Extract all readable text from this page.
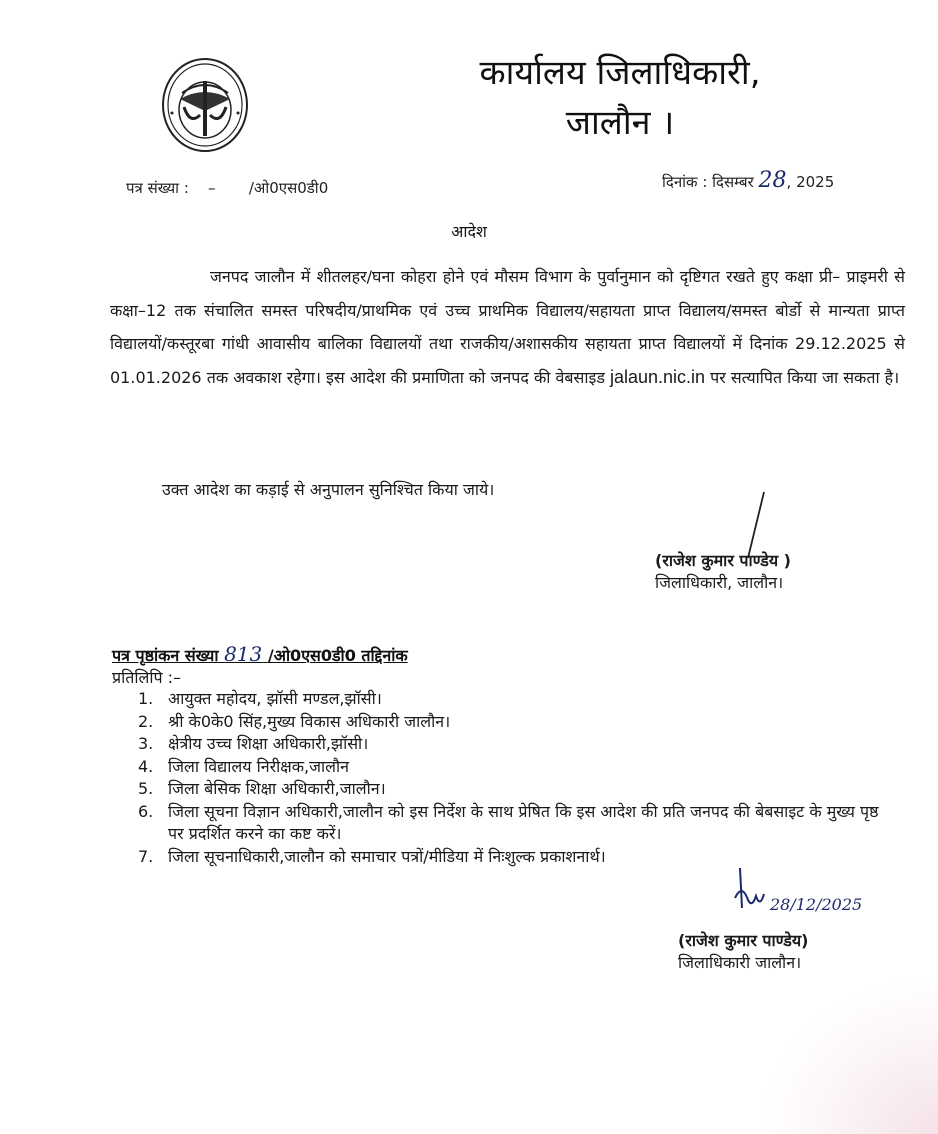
कार्यालय जिलाधिकारी,
जालौन ।
पत्र संख्या : – /ओ0एस0डी0	दिनांक : दिसम्बर 28, 2025
आदेश

जनपद जालौन में शीतलहर/घना कोहरा होने एवं मौसम विभाग के पुर्वानुमान को दृष्टिगत रखते हुए कक्षा प्री– प्राइमरी से कक्षा–12 तक संचालित समस्त परिषदीय/प्राथमिक एवं उच्च प्राथमिक विद्यालय/सहायता प्राप्त विद्यालय/समस्त बोर्डो से मान्यता प्राप्त विद्यालयों/कस्तूरबा गांधी आवासीय बालिका विद्यालयों तथा राजकीय/अशासकीय सहायता प्राप्त विद्यालयों में दिनांक 29.12.2025 से 01.01.2026 तक अवकाश रहेगा। इस आदेश की प्रमाणिता को जनपद की वेबसाइड jalaun.nic.in पर सत्यापित किया जा सकता है।

उक्त आदेश का कड़ाई से अनुपालन सुनिश्चित किया जाये।
(राजेश कुमार पाण्डेय )
जिलाधिकारी, जालौन।
पत्र पृष्ठांकन संख्या 813 /ओ0एस0डी0 तद्दिनांक
प्रतिलिपि :–
1. आयुक्त महोदय, झॉसी मण्डल,झॉसी।
2. श्री के0के0 सिंह,मुख्य विकास अधिकारी जालौन।
3. क्षेत्रीय उच्च शिक्षा अधिकारी,झॉसी।
4. जिला विद्यालय निरीक्षक,जालौन
5. जिला बेसिक शिक्षा अधिकारी,जालौन।
6. जिला सूचना विज्ञान अधिकारी,जालौन को इस निर्देश के साथ प्रेषित कि इस आदेश की प्रति जनपद की बेबसाइट के मुख्य पृष्ठ पर प्रदर्शित करने का कष्ट करें।
7. जिला सूचनाधिकारी,जालौन को समाचार पत्रों/मीडिया में निःशुल्क प्रकाशनार्थ।
28/12/2025
(राजेश कुमार पाण्डेय)
जिलाधिकारी जालौन।
